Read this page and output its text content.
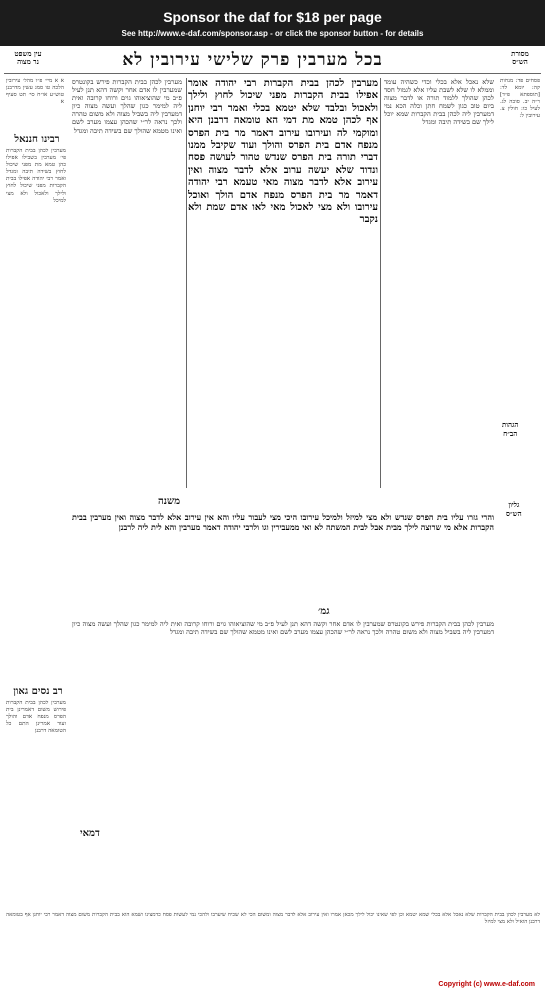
Sponsor the daf for $18 per page
See http://www.e-daf.com/sponsor.asp - or click the sponsor button - for details
בכל מערבין פרק שלישי עירובין לא
עין משפט
נר מצוה
מסורת
הש״ס
פסחים פד: מנחות קה: יומא לד: [תוספתא פ״ד] ר״ה יב. סוכה לג. לעיל כו: חולין צ. עירובין ל:
הגהות
הב״ח
גליון
הש״ס
א א מיי׳ פ״ו מהל׳ עירובין הלכה טו סמג עשין מדרבנן טוש״ע או״ח סי׳ תט סעיף א
רבינו חננאל
מערבין לכהן בבית הקברות פי׳ מערבין בשבילו אפילו כהן טמא מת מפני שיכול לחוץ בשידה תיבה ומגדל ואמר רבי יהודה אפילו בבית הקברות מפני שיכול לחוץ ולילך ולאכול ולא מצי למיכל
רב נסים גאון
מערבין לכהן בבית הקברות פירוש משום דאמרינן בית הפרס מנפח אדם והולך ועוד אמרינן התם כל הטומאה דרבנן
מערבין לכהן בבית הקברות פירש בקונטרס שמערבין לו אדם אחר וקשה דהא תנן לעיל פ״ב מי שהוציאוהו גוים ורוחו קרובה ואית ליה למימר כגון שהלך ועשה מצוה כיון דמערבין ליה בשביל מצוה ולא משום טהרה ולכך נראה לר״י שהכהן עצמו מערב לשם ואינו מטמא שהולך שם בשידה תיבה ומגדל
שלא נאכל אלא בכלי וכדי כשהיה עומד וממלא לו שלא לשבת עליו אלא לגמול חסד לכהן שהולך ללמוד תורה או לדבר מצוה ביום טוב כגון לשמח חתן וכלה הכא נמי דמערבין ליה לכהן בבית הקברות שמא יוכל לילך שם בשידה תיבה ומגדל
מערבין לכהן בבית הקברות רבי יהודה אומר אפילו בבית הקברות מפני שיכול לחוץ ולילך ולאכול ובלבד שלא יטמא בכלי ואמר רבי יוחנן אף לכהן טמא מת דמי הא טומאה דרבנן היא ומוקמי לה ועירובו עירוב דאמר מר בית הפרס מנפח אדם בית הפרס והולך ועוד שקיבל ממנו דברי תורה בית הפרס שנדש טהור לעושה פסח ונדוד שלא יעשה ערוב אלא לדבר מצוה ואין עירוב אלא לדבר מצוה מאי טעמא רבי יהודה דאמר מר בית הפרס מנפח אדם הולך ואוכל עירובו ולא מצי לאכול מאי לאו אדם שמת ולא נקבר
משנה
גמ׳
והרי גזרו עליו בית הפרס שנדש ולא מצי למיזל ולמיכל עירובו היכי מצי לעבור עליו והא אין עירוב אלא לדבר מצוה ואין מערבין בבית הקברות אלא מי שרוצה לילך מבית אבל לבית המשתה לא ואי ממעבירין וגו ולרבי יהודה דאמר מערבין והא לית ליה לרבנן
מערבין לכהן בבית הקברות פירש בקונטרס שמערבין לו אדם אחר וקשה דהא תנן לעיל פ״ב מי שהוציאוהו גוים ורוחו קרובה ואית ליה למימר כגון שהלך ועשה מצוה כיון דמערבין ליה בשביל מצוה ולא משום טהרה ולכך נראה לר״י שהכהן עצמו מערב לשם ואינו מטמא שהולך שם בשידה תיבה ומגדל
דמאי
לא מערבין לכהן בבית הקברות שלא נאכל אלא בכלי שמא יטמא וכן לפי שאינו יכול לילך מכאן אמרו ואין עירוב אלא לדבר מצוה ומשום הכי לא שכיח שיערבו ולהכי נמי לעשות פסח כדמצינו ושמא הוא בבית הקברות משום מצוה דאמר רבי יוחנן אף בטומאה דרבנן הואיל ולא מצי למיזל
Copyright (c) www.e-daf.com
